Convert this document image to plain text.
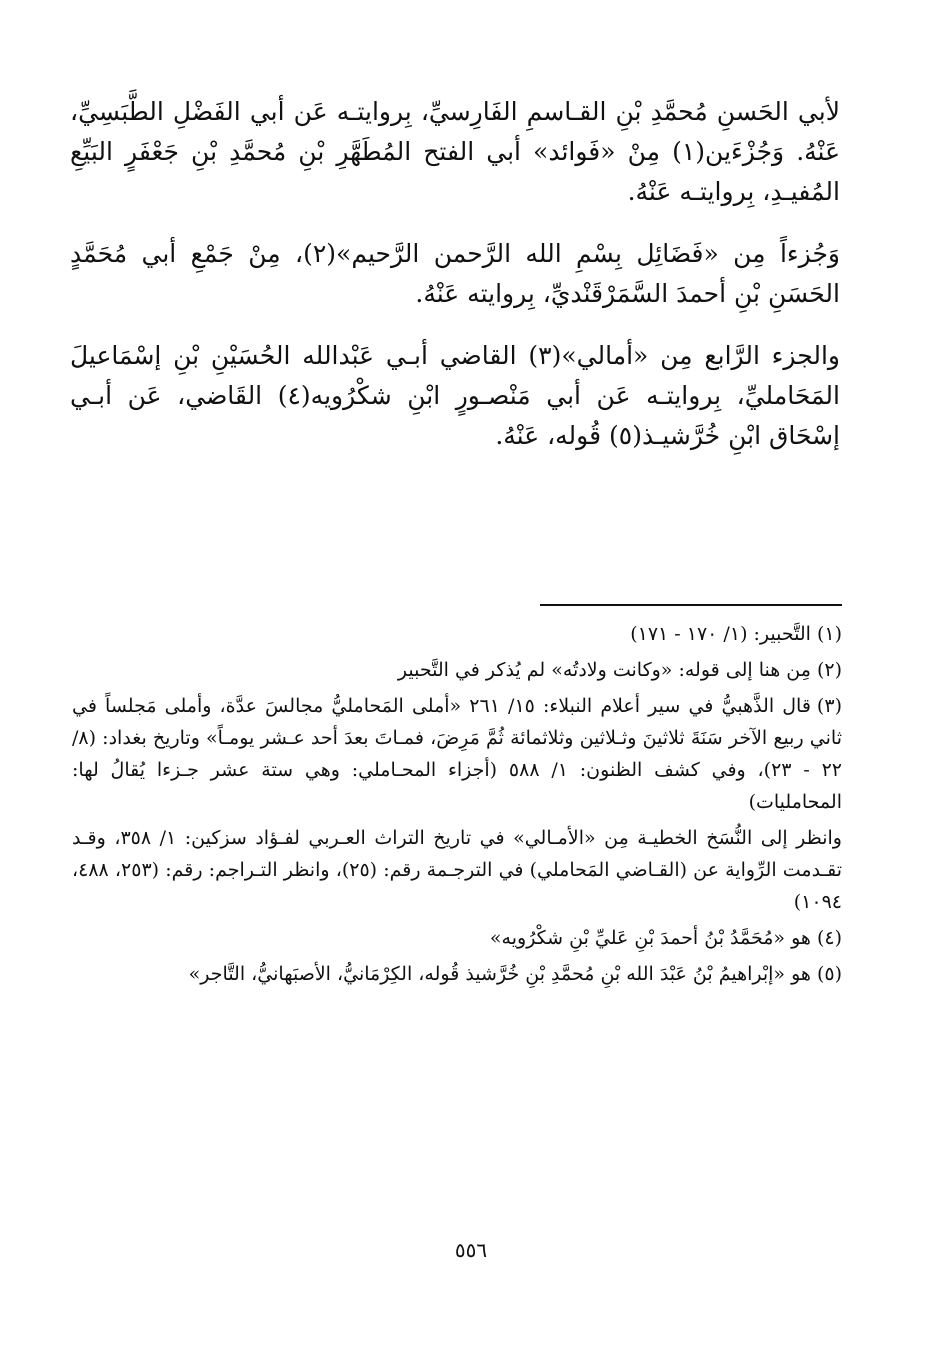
لأبي الحَسنِ مُحمَّدِ بْنِ القـاسمِ الفَارِسيِّ، بِروايتـه عَن أبي الفَضْلِ الطَّبَسِيِّ، عَنْهُ. وَجُزْءَين(١) مِنْ «فَوائد» أبي الفتح المُطَهَّرِ بْنِ مُحمَّدِ بْنِ جَعْفَرٍ البَيِّعِ المُفيـدِ، بِروايتـه عَنْهُ.

وَجُزءاً مِن «فَضَائِل بِسْمِ الله الرَّحمن الرَّحيم»(٢)، مِنْ جَمْعِ أبي مُحَمَّدٍ الحَسَنِ بْنِ أحمدَ السَّمَرْقَنْديِّ، بِروايته عَنْهُ.

والجزء الرَّابع مِن «أمالي»(٣) القاضي أبـي عَبْدالله الحُسَيْنِ بْنِ إسْمَاعيلَ المَحَامليِّ، بِروايتـه عَن أبي مَنْصـورٍ ابْنِ شكْرُويه(٤) القَاضي، عَن أبـي إسْحَاق ابْنِ خُرَّشيـذ(٥) قُوله، عَنْهُ.

(١)التَّحبير: (١/ ١٧٠ - ١٧١)

(٢)مِن هنا إلى قوله: «وكانت ولادتُه» لم يُذكر في التَّحبير

(٣)قال الذَّهبيُّ في سير أعلام النبلاء: ١٥/ ٢٦١ «أملى المَحامليُّ مجالسَ عدَّة، وأملى مَجلساً في ثاني ربيع الآخر سَنَةَ ثلاثينَ وثـلاثين وثلاثمائة ثُمَّ مَرِضَ، فمـاتَ بعدَ أحد عـشر يومـاً» وتاريخ بغداد: (٨/ ٢٢ - ٢٣)، وفي كشف الظنون: ١/ ٥٨٨ (أجزاء المحـاملي: وهي ستة عشر جـزءا يُقالُ لها: المحامليات)

وانظر إلى النُّسَخ الخطيـة مِن «الأمـالي» في تاريخ التراث العـربي لفـؤاد سزكين: ١/ ٣٥٨، وقـد تقـدمت الرِّواية عن (القـاضي المَحاملي) في الترجـمة رقم: (٢٥)، وانظر التـراجم: رقم: (٢٥٣، ٤٨٨، ١٠٩٤)

(٤)هو «مُحَمَّدُ بْنُ أحمدَ بْنِ عَليِّ بْنِ شكْرُويه»

(٥)هو «إبْراهيمُ بْنُ عَبْدَ الله بْنِ مُحمَّدِ بْنِ خُرَّشيذ قُوله، الكِرْمَانيُّ، الأصبَهانيُّ، التَّاجر»

٥٥٦
